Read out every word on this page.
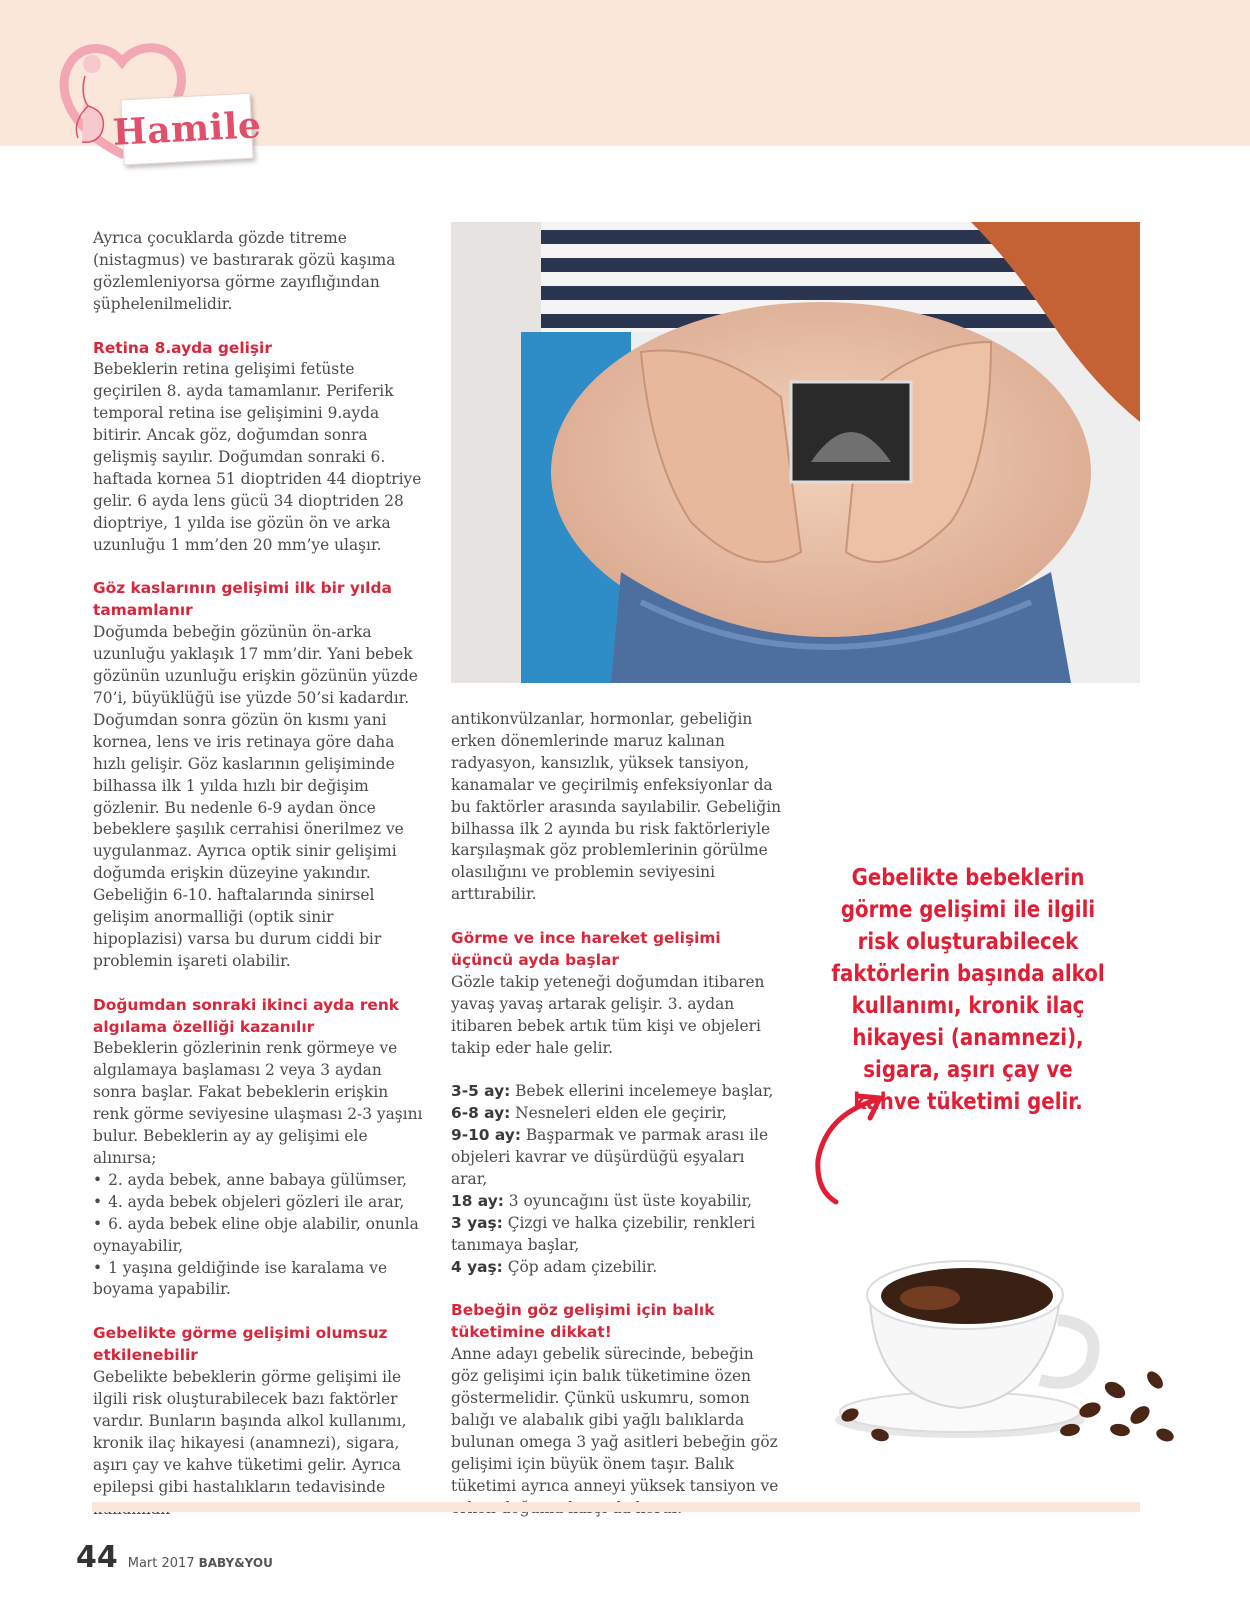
Hamile

Ayrıca çocuklarda gözde titreme (nistagmus) ve bastırarak gözü kaşıma gözlemleniyorsa görme zayıflığından şüphelenilmelidir.

Retina 8.ayda gelişir
Bebeklerin retina gelişimi fetüste geçirilen 8. ayda tamamlanır. Periferik temporal retina ise gelişimini 9.ayda bitirir. Ancak göz, doğumdan sonra gelişmiş sayılır. Doğumdan sonraki 6. haftada kornea 51 dioptriden 44 dioptriye gelir. 6 ayda lens gücü 34 dioptriden 28 dioptriye, 1 yılda ise gözün ön ve arka uzunluğu 1 mm’den 20 mm’ye ulaşır.

Göz kaslarının gelişimi ilk bir yılda tamamlanır
Doğumda bebeğin gözünün ön-arka uzunluğu yaklaşık 17 mm’dir. Yani bebek gözünün uzunluğu erişkin gözünün yüzde 70’i, büyüklüğü ise yüzde 50’si kadardır. Doğumdan sonra gözün ön kısmı yani kornea, lens ve iris retinaya göre daha hızlı gelişir. Göz kaslarının gelişiminde bilhassa ilk 1 yılda hızlı bir değişim gözlenir. Bu nedenle 6-9 aydan önce bebeklere şaşılık cerrahisi önerilmez ve uygulanmaz. Ayrıca optik sinir gelişimi doğumda erişkin düzeyine yakındır. Gebeliğin 6-10. haftalarında sinirsel gelişim anormalliği (optik sinir hipoplazisi) varsa bu durum ciddi bir problemin işareti olabilir.

Doğumdan sonraki ikinci ayda renk algılama özelliği kazanılır
Bebeklerin gözlerinin renk görmeye ve algılamaya başlaması 2 veya 3 aydan sonra başlar. Fakat bebeklerin erişkin renk görme seviyesine ulaşması 2-3 yaşını bulur. Bebeklerin ay ay gelişimi ele alınırsa;
• 2. ayda bebek, anne babaya gülümser,
• 4. ayda bebek objeleri gözleri ile arar,
• 6. ayda bebek eline obje alabilir, onunla oynayabilir,
• 1 yaşına geldiğinde ise karalama ve boyama yapabilir.

Gebelikte görme gelişimi olumsuz etkilenebilir
Gebelikte bebeklerin görme gelişimi ile ilgili risk oluşturabilecek bazı faktörler vardır. Bunların başında alkol kullanımı, kronik ilaç hikayesi (anamnezi), sigara, aşırı çay ve kahve tüketimi gelir. Ayrıca epilepsi gibi hastalıkların tedavisinde

antikonvülzanlar, hormonlar, gebeliğin erken dönemlerinde maruz kalınan radyasyon, kansızlık, yüksek tansiyon, kanamalar ve geçirilmiş enfeksiyonlar da bu faktörler arasında sayılabilir. Gebeliğin bilhassa ilk 2 ayında bu risk faktörleriyle karşılaşmak göz problemlerinin görülme olasılığını ve problemin seviyesini arttırabilir.

Görme ve ince hareket gelişimi üçüncü ayda başlar
Gözle takip yeteneği doğumdan itibaren yavaş yavaş artarak gelişir. 3. aydan itibaren bebek artık tüm kişi ve objeleri takip eder hale gelir.

3-5 ay: Bebek ellerini incelemeye başlar,
6-8 ay: Nesneleri elden ele geçirir,
9-10 ay: Başparmak ve parmak arası ile objeleri kavrar ve düşürdüğü eşyaları arar,
18 ay: 3 oyuncağını üst üste koyabilir,
3 yaş: Çizgi ve halka çizebilir, renkleri tanımaya başlar,
4 yaş: Çöp adam çizebilir.

Bebeğin göz gelişimi için balık tüketimine dikkat!
Anne adayı gebelik sürecinde, bebeğin göz gelişimi için balık tüketimine özen göstermelidir. Çünkü uskumru, somon balığı ve alabalık gibi yağlı balıklarda bulunan omega 3 yağ asitleri bebeğin göz gelişimi için büyük önem taşır. Balık tüketimi ayrıca anneyi yüksek tansiyon ve

Gebelikte bebeklerin görme gelişimi ile ilgili risk oluşturabilecek faktörlerin başında alkol kullanımı, kronik ilaç hikayesi (anamnezi), sigara, aşırı çay ve kahve tüketimi gelir.
44 Mart 2017 BABY&YOU
